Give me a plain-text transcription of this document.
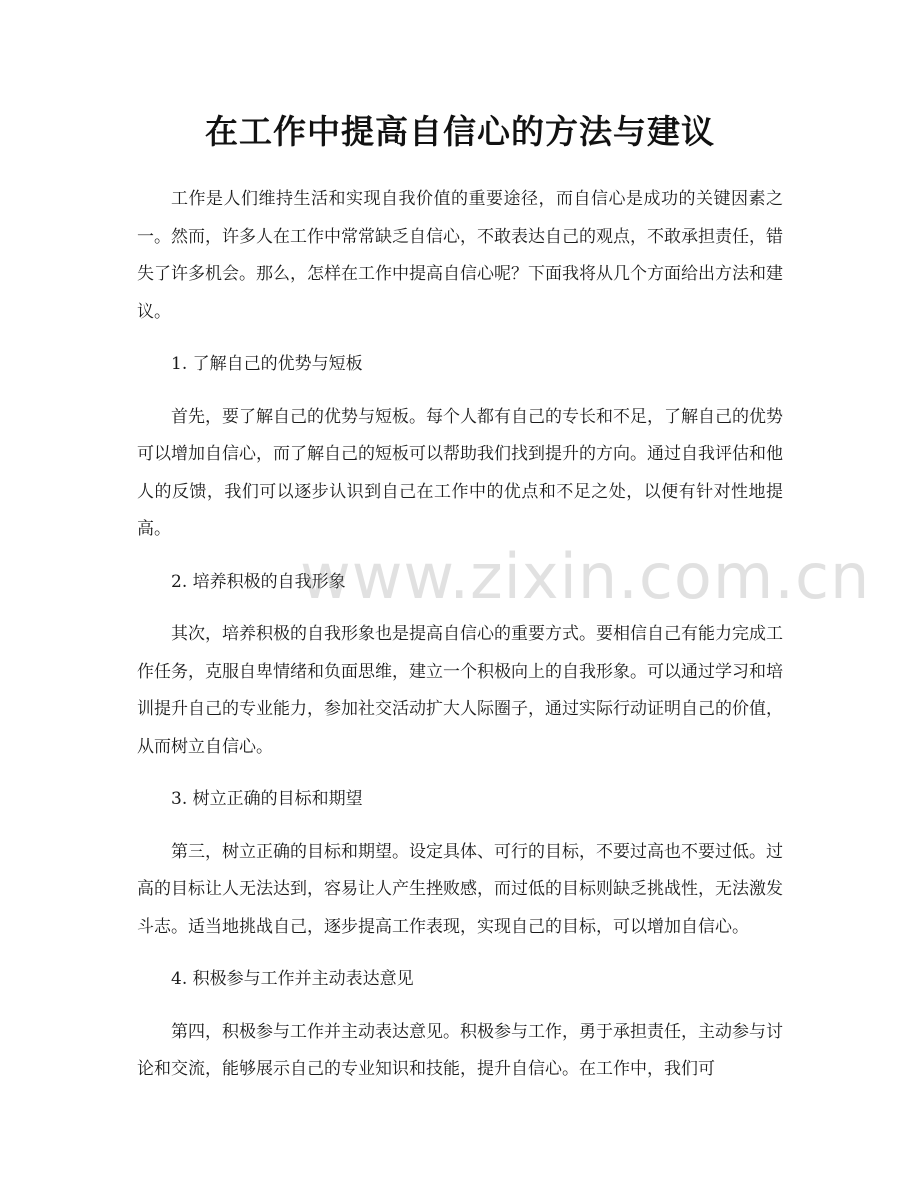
在工作中提高自信心的方法与建议

工作是人们维持生活和实现自我价值的重要途径，而自信心是成功的关键因素之一。然而，许多人在工作中常常缺乏自信心，不敢表达自己的观点，不敢承担责任，错失了许多机会。那么，怎样在工作中提高自信心呢？下面我将从几个方面给出方法和建议。

1. 了解自己的优势与短板

首先，要了解自己的优势与短板。每个人都有自己的专长和不足，了解自己的优势可以增加自信心，而了解自己的短板可以帮助我们找到提升的方向。通过自我评估和他人的反馈，我们可以逐步认识到自己在工作中的优点和不足之处，以便有针对性地提高。

2. 培养积极的自我形象

其次，培养积极的自我形象也是提高自信心的重要方式。要相信自己有能力完成工作任务，克服自卑情绪和负面思维，建立一个积极向上的自我形象。可以通过学习和培训提升自己的专业能力，参加社交活动扩大人际圈子，通过实际行动证明自己的价值，从而树立自信心。

3. 树立正确的目标和期望

第三，树立正确的目标和期望。设定具体、可行的目标，不要过高也不要过低。过高的目标让人无法达到，容易让人产生挫败感，而过低的目标则缺乏挑战性，无法激发斗志。适当地挑战自己，逐步提高工作表现，实现自己的目标，可以增加自信心。

4. 积极参与工作并主动表达意见

第四，积极参与工作并主动表达意见。积极参与工作，勇于承担责任，主动参与讨论和交流，能够展示自己的专业知识和技能，提升自信心。在工作中，我们可

www.zixin.com.cn
